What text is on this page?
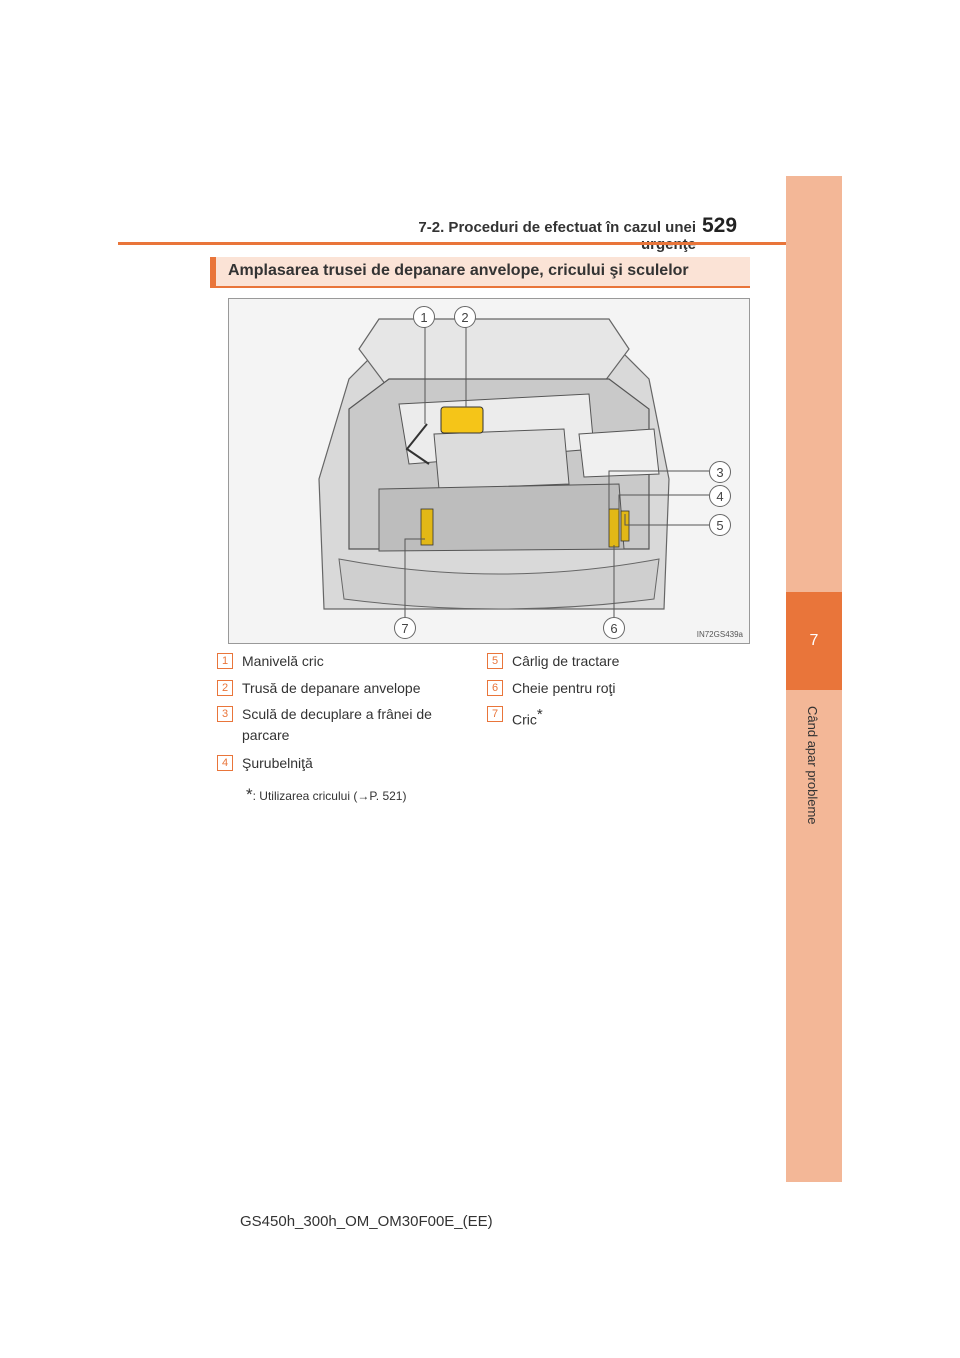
7
Când apar probleme
7-2. Proceduri de efectuat în cazul unei 529
Amplasarea trusei de depanare anvelope, cricului şi sculelor
1	2
3
4
5
6
7	IN72GS439a
1 Manivelă cric
2 Trusă de depanare anvelope
3 Sculă de decuplare a frânei de
parcare
4 Şurubelniţă
5 Cârlig de tractare
6 Cheie pentru roţi
7 Cric*
*: Utilizarea cricului (→P. 521)
GS450h_300h_OM_OM30F00E_(EE)
